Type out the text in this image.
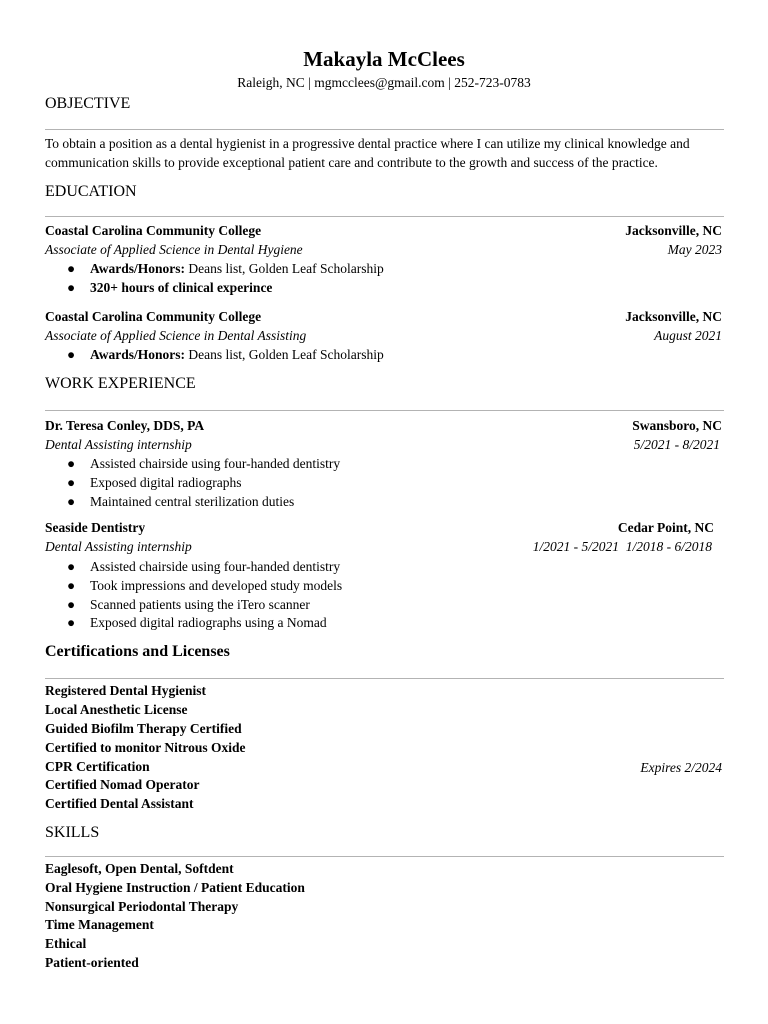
Makayla McClees
Raleigh, NC | mgmcclees@gmail.com | 252-723-0783
OBJECTIVE
To obtain a position as a dental hygienist in a progressive dental practice where I can utilize my clinical knowledge and communication skills to provide exceptional patient care and contribute to the growth and success of the practice.
EDUCATION
Coastal Carolina Community College	Jacksonville, NC
Associate of Applied Science in Dental Hygiene	May 2023
● Awards/Honors: Deans list, Golden Leaf Scholarship
● 320+ hours of clinical experince
Coastal Carolina Community College	Jacksonville, NC
Associate of Applied Science in Dental Assisting	August 2021
● Awards/Honors: Deans list, Golden Leaf Scholarship
WORK EXPERIENCE
Dr. Teresa Conley, DDS, PA	Swansboro, NC
Dental Assisting internship	5/2021 - 8/2021
● Assisted chairside using four-handed dentistry
● Exposed digital radiographs
● Maintained central sterilization duties
Seaside Dentistry	Cedar Point, NC
Dental Assisting internship	1/2021 - 5/2021  1/2018 - 6/2018
● Assisted chairside using four-handed dentistry
● Took impressions and developed study models
● Scanned patients using the iTero scanner
● Exposed digital radiographs using a Nomad
Certifications and Licenses
Registered Dental Hygienist
Local Anesthetic License
Guided Biofilm Therapy Certified
Certified to monitor Nitrous Oxide
CPR Certification	Expires 2/2024
Certified Nomad Operator
Certified Dental Assistant
SKILLS
Eaglesoft, Open Dental, Softdent
Oral Hygiene Instruction / Patient Education
Nonsurgical Periodontal Therapy
Time Management
Ethical
Patient-oriented
